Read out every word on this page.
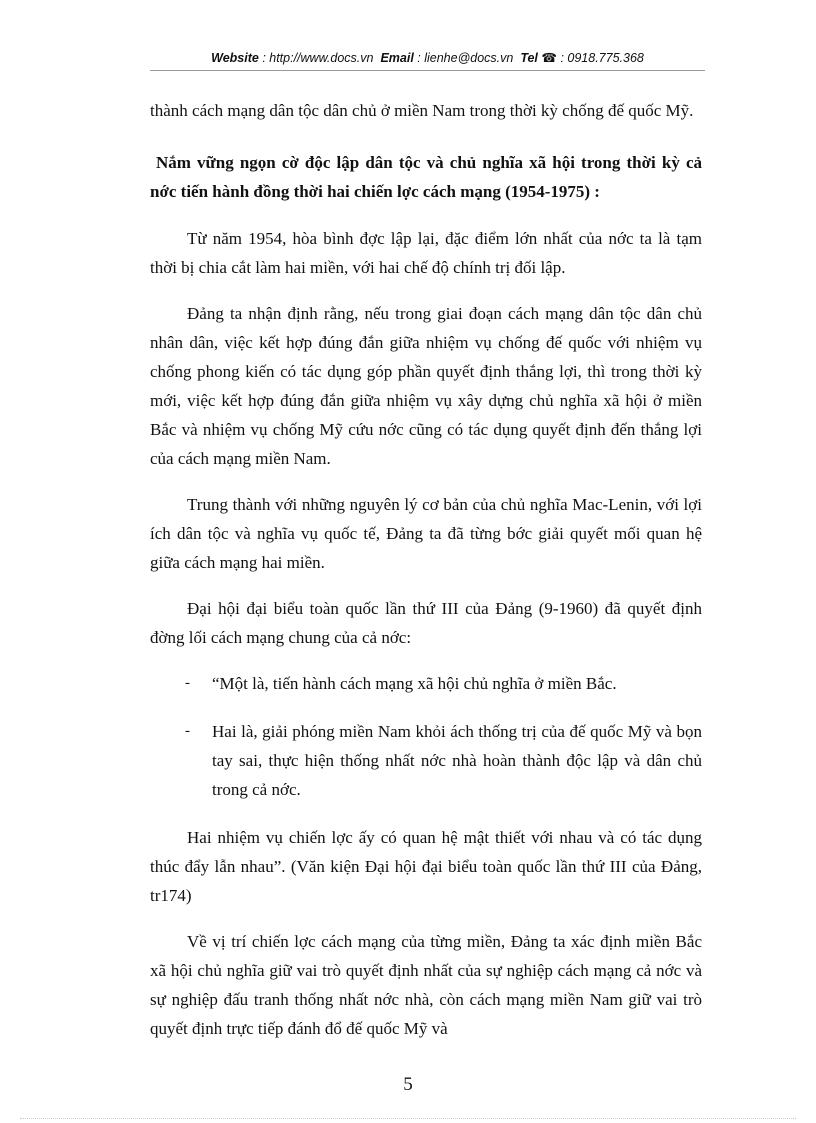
Website : http://www.docs.vn Email : lienhe@docs.vn Tel ☎ : 0918.775.368

thành cách mạng dân tộc dân chủ ở miền Nam trong thời kỳ chống đế quốc Mỹ.

Nắm vững ngọn cờ độc lập dân tộc và chủ nghĩa xã hội trong thời kỳ cả nớc tiến hành đồng thời hai chiến lợc cách mạng (1954-1975) :

Từ năm 1954, hòa bình đợc lập lại, đặc điểm lớn nhất của nớc ta là tạm thời bị chia cắt làm hai miền, với hai chế độ chính trị đối lập.

Đảng ta nhận định rằng, nếu trong giai đoạn cách mạng dân tộc dân chủ nhân dân, việc kết hợp đúng đắn giữa nhiệm vụ chống đế quốc với nhiệm vụ chống phong kiến có tác dụng góp phần quyết định thắng lợi, thì trong thời kỳ mới, việc kết hợp đúng đắn giữa nhiệm vụ xây dựng chủ nghĩa xã hội ở miền Bắc và nhiệm vụ chống Mỹ cứu nớc cũng có tác dụng quyết định đến thắng lợi của cách mạng miền Nam.

Trung thành với những nguyên lý cơ bản của chủ nghĩa Mac-Lenin, với lợi ích dân tộc và nghĩa vụ quốc tế, Đảng ta đã từng bớc giải quyết mối quan hệ giữa cách mạng hai miền.

Đại hội đại biểu toàn quốc lần thứ III của Đảng (9-1960) đã quyết định đờng lối cách mạng chung của cả nớc:

- “Một là, tiến hành cách mạng xã hội chủ nghĩa ở miền Bắc.
- Hai là, giải phóng miền Nam khỏi ách thống trị của đế quốc Mỹ và bọn tay sai, thực hiện thống nhất nớc nhà hoàn thành độc lập và dân chủ trong cả nớc.

Hai nhiệm vụ chiến lợc ấy có quan hệ mật thiết với nhau và có tác dụng thúc đẩy lẫn nhau”. (Văn kiện Đại hội đại biểu toàn quốc lần thứ III của Đảng, tr174)

Về vị trí chiến lợc cách mạng của từng miền, Đảng ta xác định miền Bắc xã hội chủ nghĩa giữ vai trò quyết định nhất của sự nghiệp cách mạng cả nớc và sự nghiệp đấu tranh thống nhất nớc nhà, còn cách mạng miền Nam giữ vai trò quyết định trực tiếp đánh đổ đế quốc Mỹ và

5
